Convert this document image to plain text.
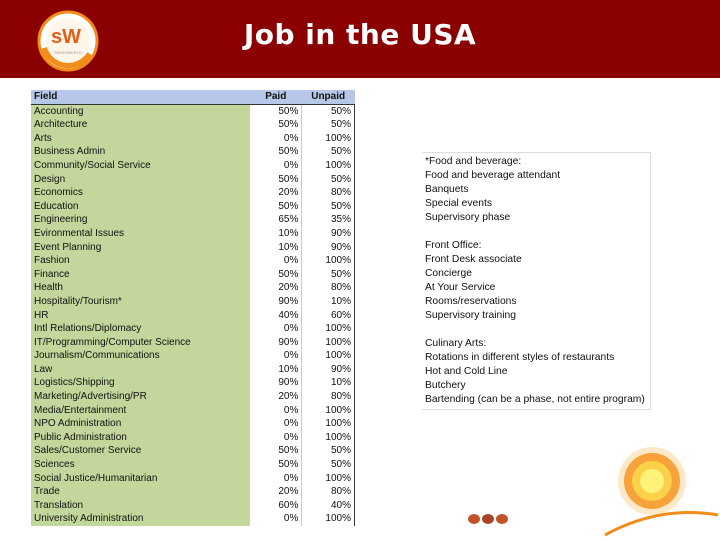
sW
SWISSWORLD
Job in the USA
Field	Paid	Unpaid
Accounting	50%	50%
Architecture	50%	50%
Arts	0%	100%
Business Admin	50%	50%
Community/Social Service	0%	100%
Design	50%	50%
Economics	20%	80%
Education	50%	50%
Engineering	65%	35%
Evironmental Issues	10%	90%
Event Planning	10%	90%
Fashion	0%	100%
Finance	50%	50%
Health	20%	80%
Hospitality/Tourism*	90%	10%
HR	40%	60%
Intl Relations/Diplomacy	0%	100%
IT/Programming/Computer Science	90%	100%
Journalism/Communications	0%	100%
Law	10%	90%
Logistics/Shipping	90%	10%
Marketing/Advertising/PR	20%	80%
Media/Entertainment	0%	100%
NPO Administration	0%	100%
Public Administration	0%	100%
Sales/Customer Service	50%	50%
Sciences	50%	50%
Social Justice/Humanitarian	0%	100%
Trade	20%	80%
Translation	60%	40%
University Administration	0%	100%
*Food and beverage:
Food and beverage attendant
Banquets
Special events
Supervisory phase
Front Office:
Front Desk associate
Concierge
At Your Service
Rooms/reservations
Supervisory training
Culinary Arts:
Rotations in different styles of restaurants
Hot and Cold Line
Butchery
Bartending (can be a phase, not entire program)
